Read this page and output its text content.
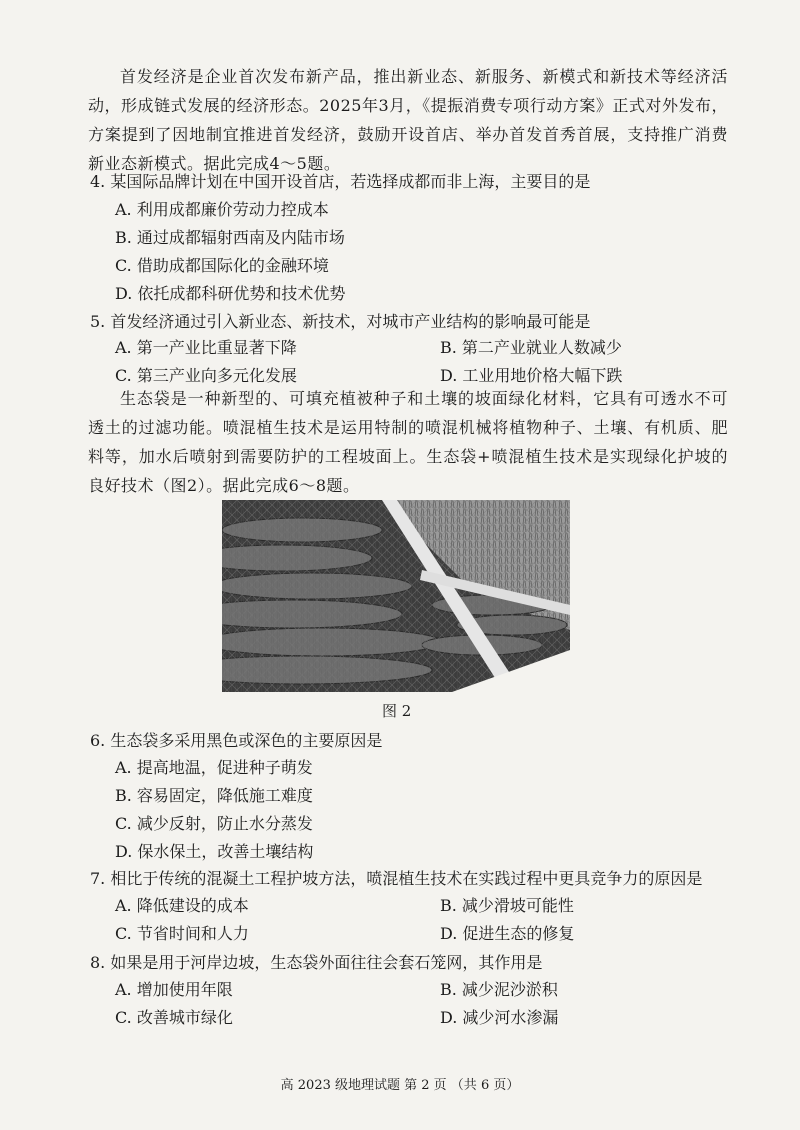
首发经济是企业首次发布新产品，推出新业态、新服务、新模式和新技术等经济活动，形成链式发展的经济形态。2025年3月，《提振消费专项行动方案》正式对外发布，方案提到了因地制宜推进首发经济，鼓励开设首店、举办首发首秀首展，支持推广消费新业态新模式。据此完成4～5题。

4. 某国际品牌计划在中国开设首店，若选择成都而非上海，主要目的是
A. 利用成都廉价劳动力控成本
B. 通过成都辐射西南及内陆市场
C. 借助成都国际化的金融环境
D. 依托成都科研优势和技术优势
5. 首发经济通过引入新业态、新技术，对城市产业结构的影响最可能是
A. 第一产业比重显著下降	B. 第二产业就业人数减少
C. 第三产业向多元化发展	D. 工业用地价格大幅下跌

生态袋是一种新型的、可填充植被种子和土壤的坡面绿化材料，它具有可透水不可透土的过滤功能。喷混植生技术是运用特制的喷混机械将植物种子、土壤、有机质、肥料等，加水后喷射到需要防护的工程坡面上。生态袋+喷混植生技术是实现绿化护坡的良好技术（图2）。据此完成6～8题。

图 2
6. 生态袋多采用黑色或深色的主要原因是
A. 提高地温，促进种子萌发
B. 容易固定，降低施工难度
C. 减少反射，防止水分蒸发
D. 保水保土，改善土壤结构
7. 相比于传统的混凝土工程护坡方法，喷混植生技术在实践过程中更具竞争力的原因是
A. 降低建设的成本	B. 减少滑坡可能性
C. 节省时间和人力	D. 促进生态的修复
8. 如果是用于河岸边坡，生态袋外面往往会套石笼网，其作用是
A. 增加使用年限	B. 减少泥沙淤积
C. 改善城市绿化	D. 减少河水渗漏
高 2023 级地理试题 第 2 页 （共 6 页）
